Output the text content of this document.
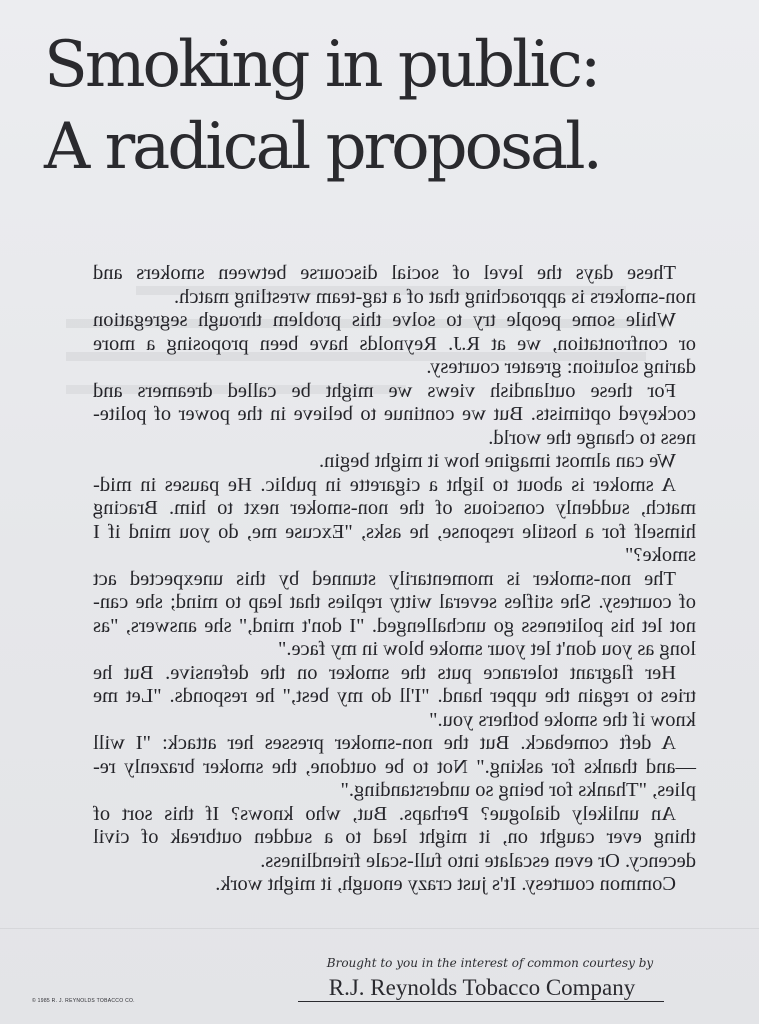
Smoking in public:
A radical proposal.
These days the level of social discourse between smokers and
non-smokers is approaching that of a tag-team wrestling match.
While some people try to solve this problem through segregation
or confrontation, we at R.J. Reynolds have been proposing a more
daring solution: greater courtesy.
For these outlandish views we might be called dreamers and
cockeyed optimists. But we continue to believe in the power of polite-
ness to change the world.
We can almost imagine how it might begin.
A smoker is about to light a cigarette in public. He pauses in mid-
match, suddenly conscious of the non-smoker next to him. Bracing
himself for a hostile response, he asks, "Excuse me, do you mind if I
smoke?"
The non-smoker is momentarily stunned by this unexpected act
of courtesy. She stifles several witty replies that leap to mind; she can-
not let his politeness go unchallenged. "I don't mind," she answers, "as
long as you don't let your smoke blow in my face."
Her flagrant tolerance puts the smoker on the defensive. But he
tries to regain the upper hand. "I'll do my best," he responds. "Let me
know if the smoke bothers you."
A deft comeback. But the non-smoker presses her attack: "I will
—and thanks for asking." Not to be outdone, the smoker brazenly re-
plies, "Thanks for being so understanding."
An unlikely dialogue? Perhaps. But, who knows? If this sort of
thing ever caught on, it might lead to a sudden outbreak of civil
decency. Or even escalate into full-scale friendliness.
Common courtesy. It's just crazy enough, it might work.
Brought to you in the interest of common courtesy by
R.J. Reynolds Tobacco Company
© 1985 R. J. REYNOLDS TOBACCO CO.
